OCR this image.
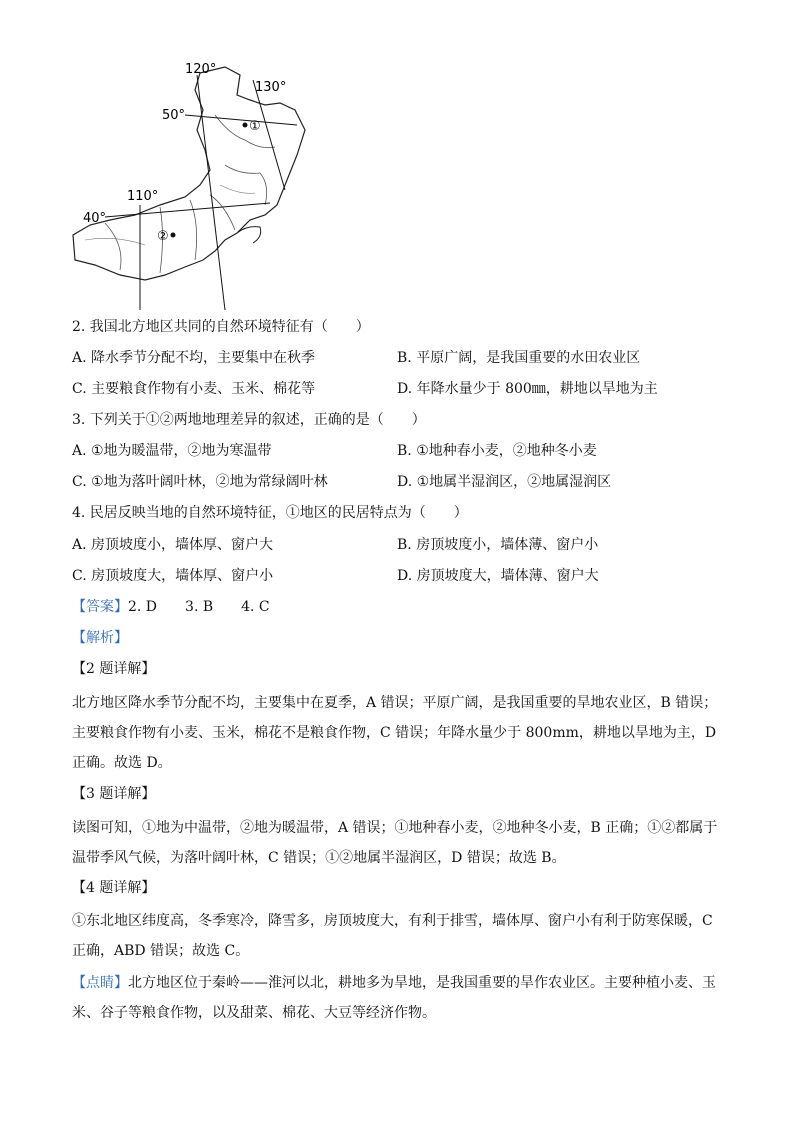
120°
130°
110°
50°
40°
①
②
2. 我国北方地区共同的自然环境特征有（　　）
A. 降水季节分配不均，主要集中在秋季	B. 平原广阔，是我国重要的水田农业区
C. 主要粮食作物有小麦、玉米、棉花等	D. 年降水量少于 800㎜，耕地以旱地为主
3. 下列关于①②两地地理差异的叙述，正确的是（　　）
A. ①地为暖温带，②地为寒温带	B. ①地种春小麦，②地种冬小麦
C. ①地为落叶阔叶林，②地为常绿阔叶林	D. ①地属半湿润区，②地属湿润区
4. 民居反映当地的自然环境特征，①地区的民居特点为（　　）
A. 房顶坡度小，墙体厚、窗户大	B. 房顶坡度小，墙体薄、窗户小
C. 房顶坡度大，墙体厚、窗户小	D. 房顶坡度大，墙体薄、窗户大
【答案】2. D　　3. B　　4. C
【解析】
【2 题详解】
北方地区降水季节分配不均，主要集中在夏季，A 错误；平原广阔，是我国重要的旱地农业区，B 错误；主要粮食作物有小麦、玉米，棉花不是粮食作物，C 错误；年降水量少于 800mm，耕地以旱地为主，D 正确。故选 D。
【3 题详解】
读图可知，①地为中温带，②地为暖温带，A 错误；①地种春小麦，②地种冬小麦，B 正确；①②都属于温带季风气候，为落叶阔叶林，C 错误；①②地属半湿润区，D 错误；故选 B。
【4 题详解】
①东北地区纬度高，冬季寒冷，降雪多，房顶坡度大，有利于排雪，墙体厚、窗户小有利于防寒保暖，C 正确，ABD 错误；故选 C。
【点睛】北方地区位于秦岭——淮河以北，耕地多为旱地，是我国重要的旱作农业区。主要种植小麦、玉米、谷子等粮食作物，以及甜菜、棉花、大豆等经济作物。
